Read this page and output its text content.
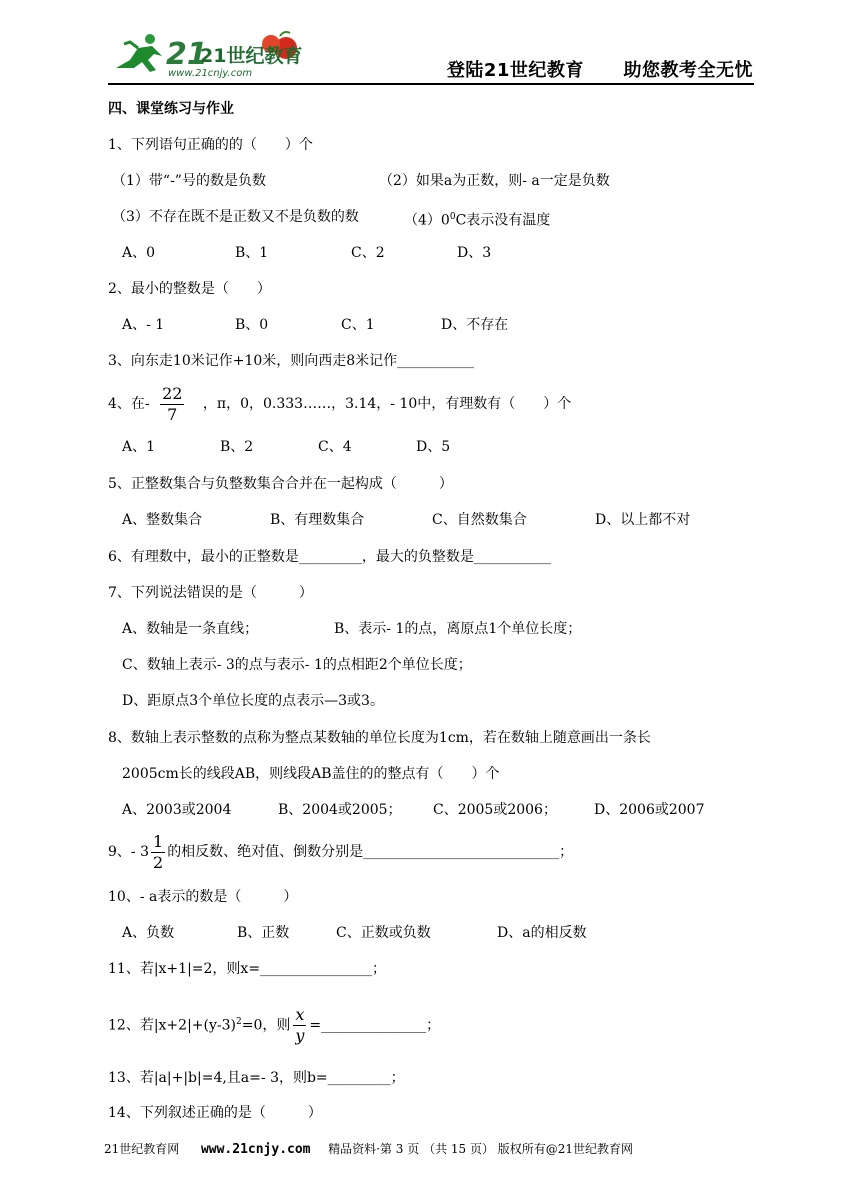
21
21世纪教育
www.21cnjy.com	登陆21世纪教育 助您教考全无忧
四、课堂练习与作业
1、下列语句正确的的（　　）个
（1）带“-”号的数是负数	（2）如果a为正数，则- a一定是负数
（3）不存在既不是正数又不是负数的数	$(4)0^0C$表示没有温度
A、0	B、1	C、2	D、3
2、最小的整数是（　　）
A、- 1	B、0	C、1	D、不存在
3、向东走10米记作+10米，则向西走8米记作___________
4、在- $\frac{22}{7}$ ，π，0，0.333……，3.14，- 10中，有理数有（　　）个
A、1	B、2	C、4	D、5
5、正整数集合与负整数集合合并在一起构成（　　　）
A、整数集合	B、有理数集合	C、自然数集合	D、以上都不对
6、有理数中，最小的正整数是_________，最大的负整数是___________
7、下列说法错误的是（　　　）
A、数轴是一条直线；	B、表示- 1的点，离原点1个单位长度；
C、数轴上表示- 3的点与表示- 1的点相距2个单位长度；
D、距原点3个单位长度的点表示—3或3。
8、数轴上表示整数的点称为整点某数轴的单位长度为1cm，若在数轴上随意画出一条长
2005cm长的线段AB，则线段AB盖住的的整点有（　　）个
A、2003或2004	B、2004或2005； C、2005或2006；	D、2006或2007
9、- $3 \frac{1}{2}$ 的相反数、绝对值、倒数分别是____________________________；
10、- a表示的数是（　　　）
A、负数	B、正数	C、正数或负数	D、a的相反数
11、若|x+1|=2，则x=________________；
12、若$|x+2|+(y-3)^2=0$，则 $\frac{x}{y}$ =_______________；
13、若|a|+|b|=4,且a=- 3，则b=_________；
14、下列叙述正确的是（　　　）
21世纪教育网 www.21cnjy.com 精品资料·第 3 页 （共 15 页） 版权所有@21世纪教育网
